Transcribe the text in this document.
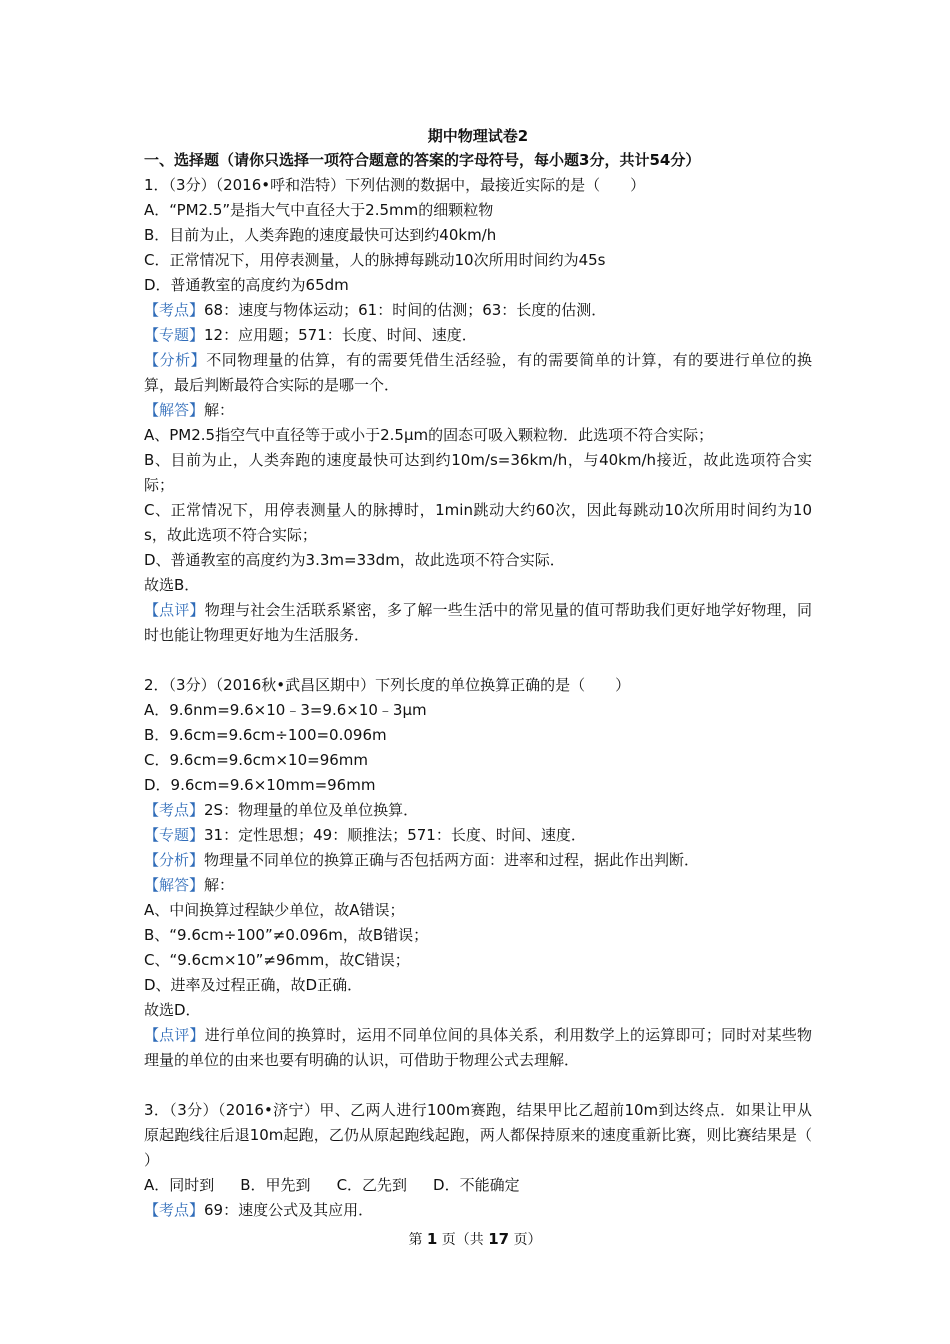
期中物理试卷2

一、选择题（请你只选择一项符合题意的答案的字母符号，每小题3分，共计54分）

1．（3分）（2016•呼和浩特）下列估测的数据中，最接近实际的是（　　）

A．“PM2.5”是指大气中直径大于2.5mm的细颗粒物

B．目前为止，人类奔跑的速度最快可达到约40km/h

C．正常情况下，用停表测量，人的脉搏每跳动10次所用时间约为45s

D．普通教室的高度约为65dm

【考点】68：速度与物体运动；61：时间的估测；63：长度的估测．

【专题】12：应用题；571：长度、时间、速度．

【分析】不同物理量的估算，有的需要凭借生活经验，有的需要简单的计算，有的要进行单位的换算，最后判断最符合实际的是哪一个．

【解答】解：

A、PM2.5指空气中直径等于或小于2.5μm的固态可吸入颗粒物．此选项不符合实际；

B、目前为止，人类奔跑的速度最快可达到约10m/s=36km/h，与40km/h接近，故此选项符合实际；

C、正常情况下，用停表测量人的脉搏时，1min跳动大约60次，因此每跳动10次所用时间约为10s，故此选项不符合实际；

D、普通教室的高度约为3.3m=33dm，故此选项不符合实际．

故选B．

【点评】物理与社会生活联系紧密，多了解一些生活中的常见量的值可帮助我们更好地学好物理，同时也能让物理更好地为生活服务．

2．（3分）（2016秋•武昌区期中）下列长度的单位换算正确的是（　　）

A．9.6nm=9.6×10﹣3=9.6×10﹣3μm

B．9.6cm=9.6cm÷100=0.096m

C．9.6cm=9.6cm×10=96mm

D．9.6cm=9.6×10mm=96mm

【考点】2S：物理量的单位及单位换算．

【专题】31：定性思想；49：顺推法；571：长度、时间、速度．

【分析】物理量不同单位的换算正确与否包括两方面：进率和过程，据此作出判断．

【解答】解：

A、中间换算过程缺少单位，故A错误；

B、“9.6cm÷100”≠0.096m，故B错误；

C、“9.6cm×10”≠96mm，故C错误；

D、进率及过程正确，故D正确．

故选D．

【点评】进行单位间的换算时，运用不同单位间的具体关系，利用数学上的运算即可；同时对某些物理量的单位的由来也要有明确的认识，可借助于物理公式去理解．

3．（3分）（2016•济宁）甲、乙两人进行100m赛跑，结果甲比乙超前10m到达终点．如果让甲从原起跑线往后退10m起跑，乙仍从原起跑线起跑，两人都保持原来的速度重新比赛，则比赛结果是（　　）

A．同时到 B．甲先到 C．乙先到 D．不能确定

【考点】69：速度公式及其应用．

第 1 页（共 17 页）
